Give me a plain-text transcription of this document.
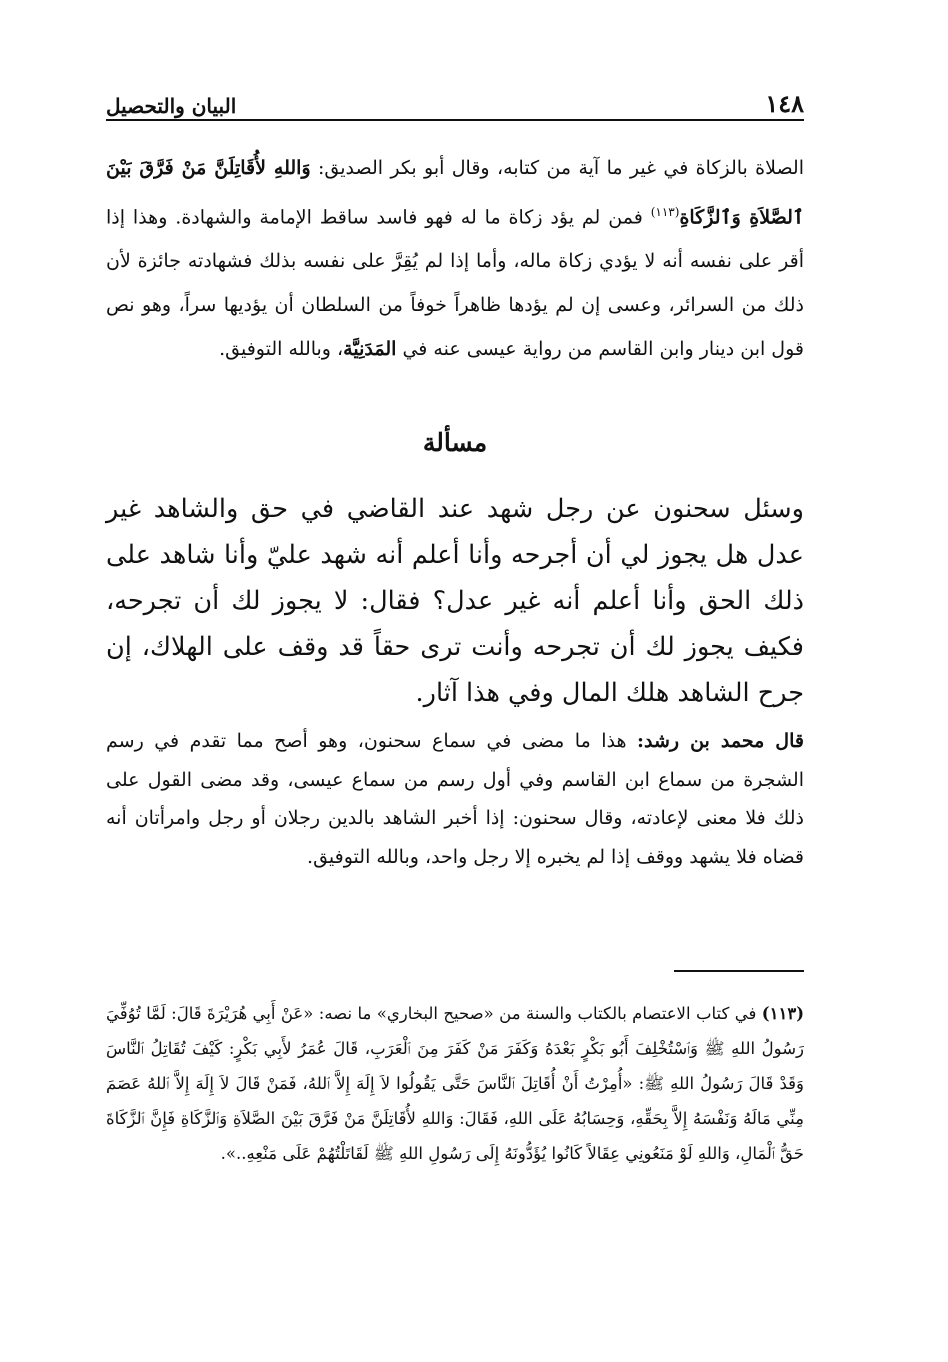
١٤٨
البيان والتحصيل

الصلاة بالزكاة في غير ما آية من كتابه، وقال أبو بكر الصديق: وَاللهِ لأُقَاتِلَنَّ مَنْ فَرَّقَ بَيْنَ ٱلصَّلاَةِ وَٱلزَّكَاةِ$^{(١١٣)}$ فمن لم يؤد زكاة ما له فهو فاسد ساقط الإمامة والشهادة. وهذا إذا أقر على نفسه أنه لا يؤدي زكاة ماله، وأما إذا لم يُقِرَّ على نفسه بذلك فشهادته جائزة لأن ذلك من السرائر، وعسى إن لم يؤدها ظاهراً خوفاً من السلطان أن يؤديها سراً، وهو نص قول ابن دينار وابن القاسم من رواية عيسى عنه في المَدَنِيَّة، وبالله التوفيق.

مسألة

وسئل سحنون عن رجل شهد عند القاضي في حق والشاهد غير عدل هل يجوز لي أن أجرحه وأنا أعلم أنه شهد عليّ وأنا شاهد على ذلك الحق وأنا أعلم أنه غير عدل؟ فقال: لا يجوز لك أن تجرحه، فكيف يجوز لك أن تجرحه وأنت ترى حقاً قد وقف على الهلاك، إن جرح الشاهد هلك المال وفي هذا آثار.

قال محمد بن رشد: هذا ما مضى في سماع سحنون، وهو أصح مما تقدم في رسم الشجرة من سماع ابن القاسم وفي أول رسم من سماع عيسى، وقد مضى القول على ذلك فلا معنى لإعادته، وقال سحنون: إذا أخبر الشاهد بالدين رجلان أو رجل وامرأتان أنه قضاه فلا يشهد ووقف إذا لم يخبره إلا رجل واحد، وبالله التوفيق.

(١١٣) في كتاب الاعتصام بالكتاب والسنة من «صحيح البخاري» ما نصه: «عَنْ أَبِي هُرَيْرَةَ قَالَ: لَمَّا تُوُفِّيَ رَسُولُ اللهِ ﷺ وَٱسْتُخْلِفَ أَبُو بَكْرٍ بَعْدَهُ وَكَفَرَ مَنْ كَفَرَ مِنَ ٱلْعَرَبِ، قَالَ عُمَرُ لأَبِي بَكْرٍ: كَيْفَ تُقَاتِلُ ٱلنَّاسَ وَقَدْ قَالَ رَسُولُ اللهِ ﷺ: «أُمِرْتُ أَنْ أُقَاتِلَ ٱلنَّاسَ حَتَّى يَقُولُوا لاَ إِلَهَ إِلاَّ ٱللهُ، فَمَنْ قَالَ لاَ إِلَهَ إِلاَّ ٱللهُ عَصَمَ مِنِّي مَالَهُ وَنَفْسَهُ إِلاَّ بِحَقِّهِ، وَحِسَابُهُ عَلَى اللهِ، فَقَالَ: وَاللهِ لأُقَاتِلَنَّ مَنْ فَرَّقَ بَيْنَ الصَّلاَةِ وَٱلزَّكَاةِ فَإِنَّ ٱلزَّكَاةَ حَقُّ ٱلْمَالِ، وَاللهِ لَوْ مَنَعُونِي عِقَالاً كَانُوا يُؤَدُّونَهُ إِلَى رَسُولِ اللهِ ﷺ لَقَاتَلْتُهُمْ عَلَى مَنْعِهِ..».
